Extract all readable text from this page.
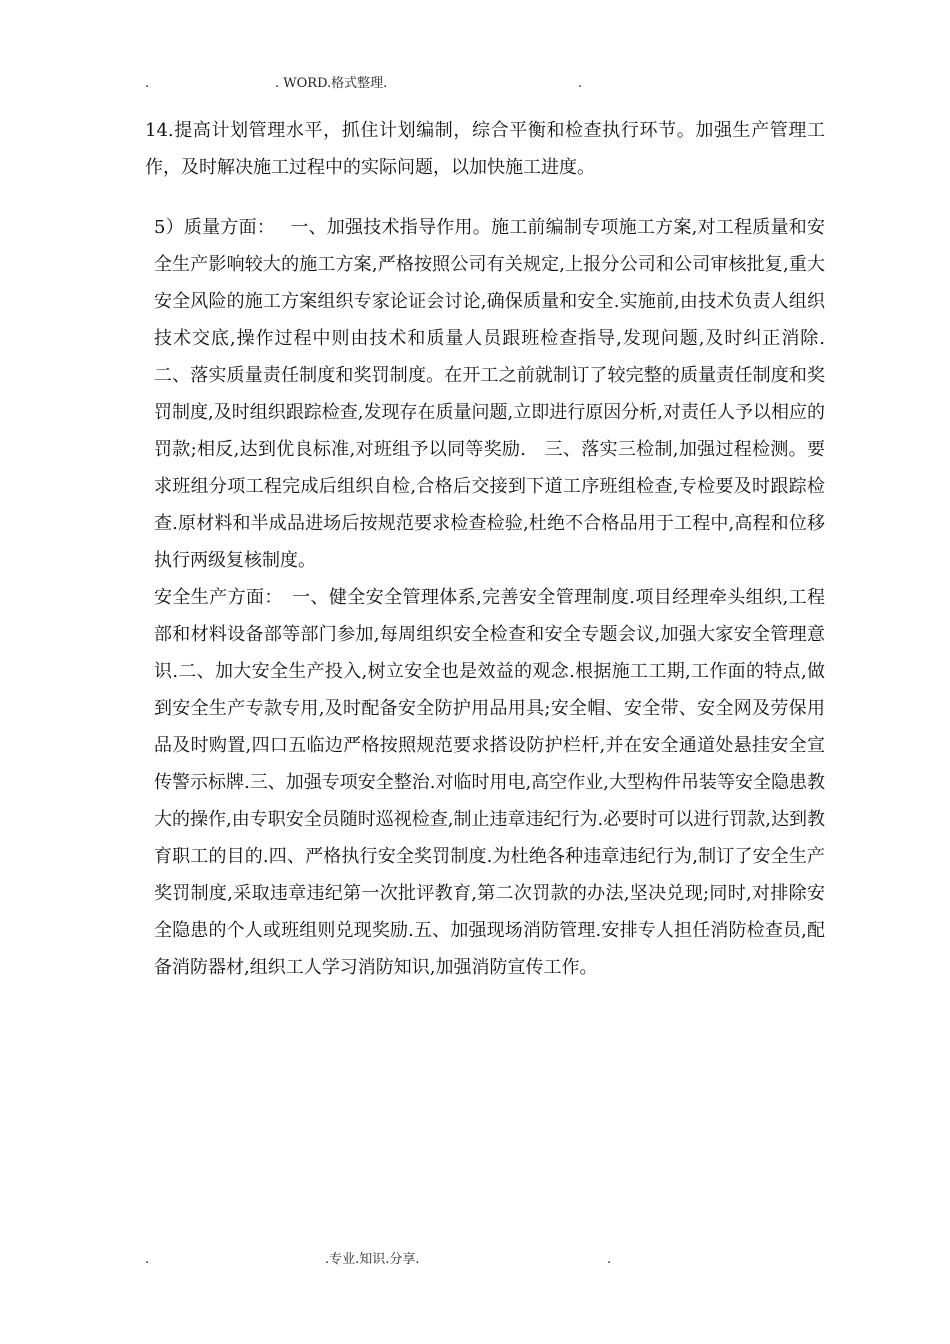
.	. WORD.格式整理.	.

14.提高计划管理水平，抓住计划编制，综合平衡和检查执行环节。加强生产管理工作，及时解决施工过程中的实际问题，以加快施工进度。

5）质量方面：　 一、加强技术指导作用。施工前编制专项施工方案,对工程质量和安全生产影响较大的施工方案,严格按照公司有关规定,上报分公司和公司审核批复,重大安全风险的施工方案组织专家论证会讨论,确保质量和安全.实施前,由技术负责人组织技术交底,操作过程中则由技术和质量人员跟班检查指导,发现问题,及时纠正消除.　二、落实质量责任制度和奖罚制度。在开工之前就制订了较完整的质量责任制度和奖罚制度,及时组织跟踪检查,发现存在质量问题,立即进行原因分析,对责任人予以相应的罚款;相反,达到优良标准,对班组予以同等奖励.　三、落实三检制,加强过程检测。要求班组分项工程完成后组织自检,合格后交接到下道工序班组检查,专检要及时跟踪检查.原材料和半成品进场后按规范要求检查检验,杜绝不合格品用于工程中,高程和位移执行两级复核制度。

安全生产方面：　一、健全安全管理体系,完善安全管理制度.项目经理牵头组织,工程部和材料设备部等部门参加,每周组织安全检查和安全专题会议,加强大家安全管理意识.二、加大安全生产投入,树立安全也是效益的观念.根据施工工期,工作面的特点,做到安全生产专款专用,及时配备安全防护用品用具;安全帽、安全带、安全网及劳保用品及时购置,四口五临边严格按照规范要求搭设防护栏杆,并在安全通道处悬挂安全宣传警示标牌.三、加强专项安全整治.对临时用电,高空作业,大型构件吊装等安全隐患教大的操作,由专职安全员随时巡视检查,制止违章违纪行为.必要时可以进行罚款,达到教育职工的目的.四、严格执行安全奖罚制度.为杜绝各种违章违纪行为,制订了安全生产奖罚制度,采取违章违纪第一次批评教育,第二次罚款的办法,坚决兑现;同时,对排除安全隐患的个人或班组则兑现奖励.五、加强现场消防管理.安排专人担任消防检查员,配备消防器材,组织工人学习消防知识,加强消防宣传工作。

.	.专业.知识.分享.	.
